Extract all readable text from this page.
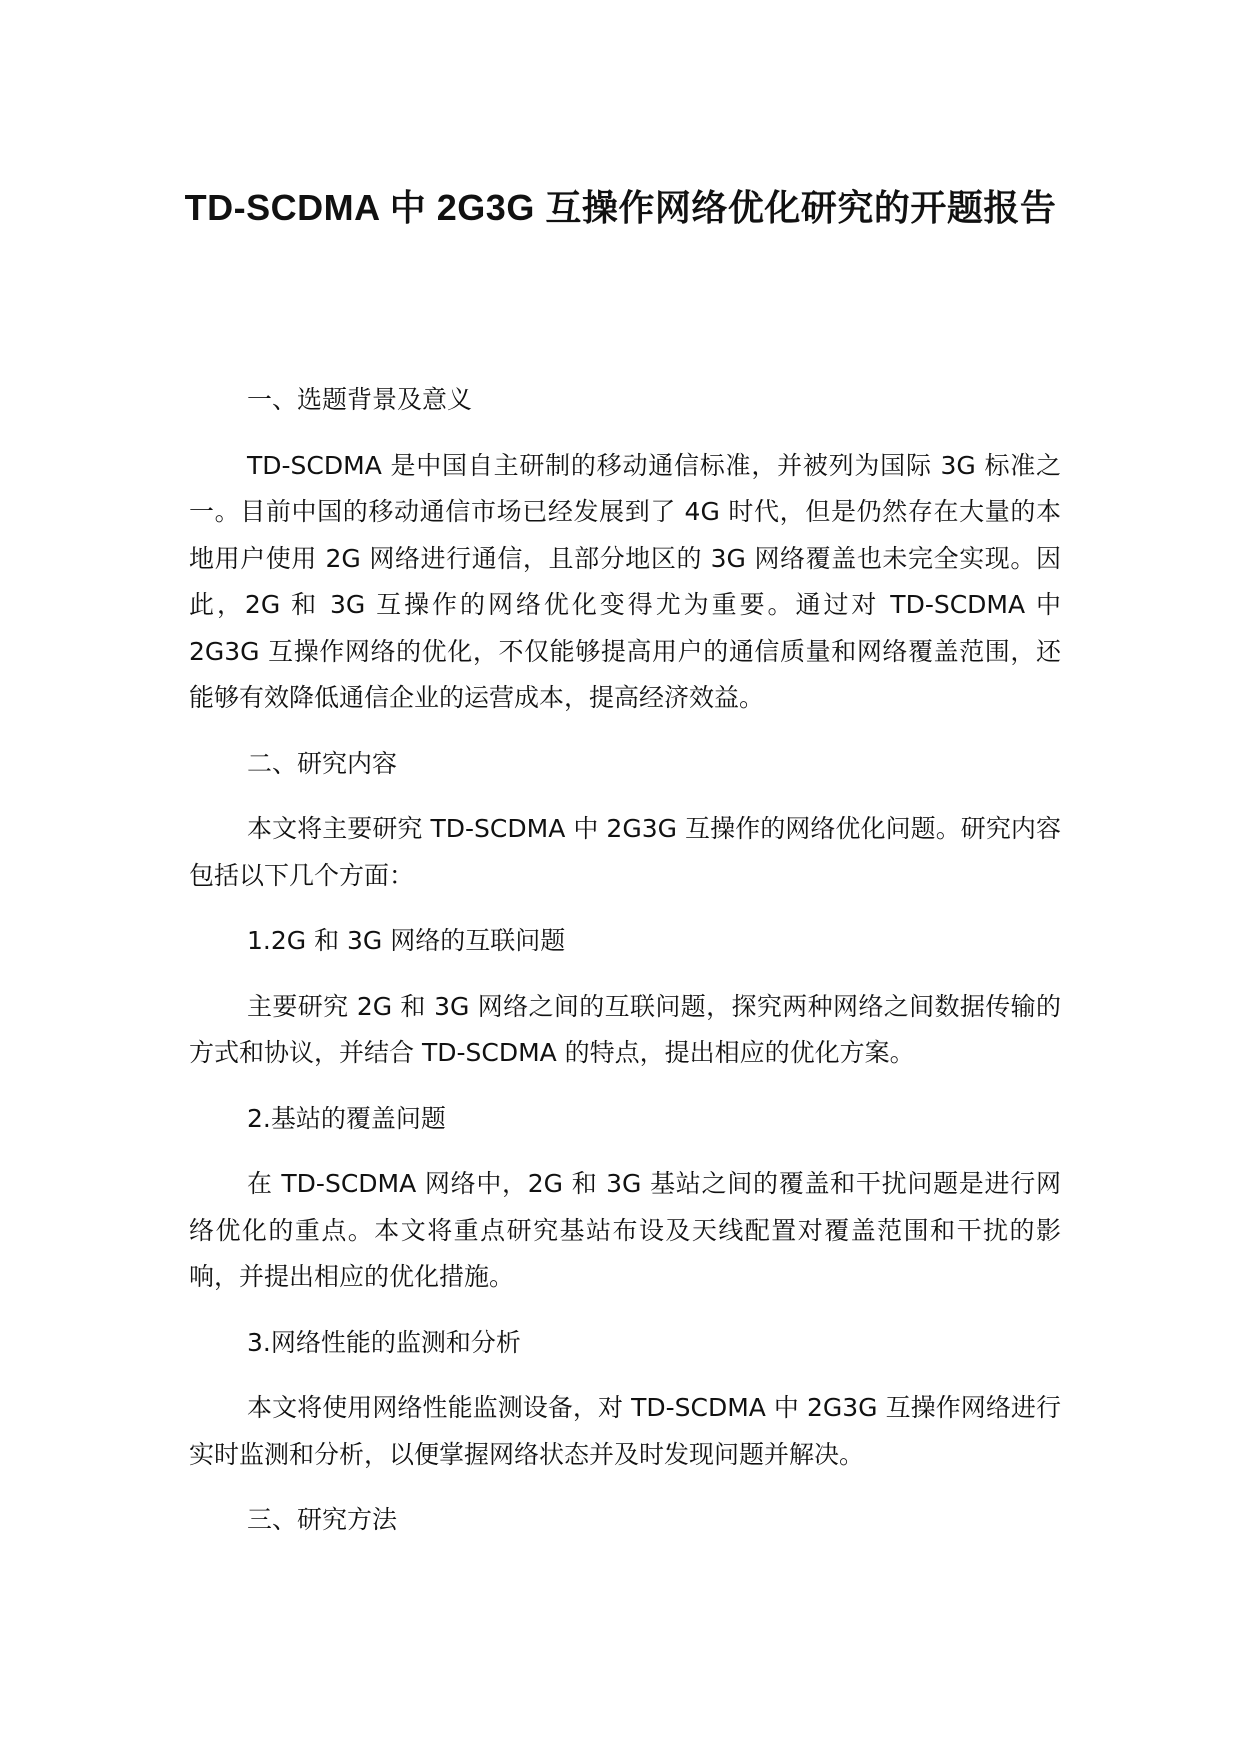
TD-SCDMA 中 2G3G 互操作网络优化研究的开题报告

一、选题背景及意义

TD-SCDMA 是中国自主研制的移动通信标准，并被列为国际 3G 标准之一。目前中国的移动通信市场已经发展到了 4G 时代，但是仍然存在大量的本地用户使用 2G 网络进行通信，且部分地区的 3G 网络覆盖也未完全实现。因此，2G 和 3G 互操作的网络优化变得尤为重要。通过对 TD-SCDMA 中 2G3G 互操作网络的优化，不仅能够提高用户的通信质量和网络覆盖范围，还能够有效降低通信企业的运营成本，提高经济效益。

二、研究内容

本文将主要研究 TD-SCDMA 中 2G3G 互操作的网络优化问题。研究内容包括以下几个方面：

1.2G 和 3G 网络的互联问题

主要研究 2G 和 3G 网络之间的互联问题，探究两种网络之间数据传输的方式和协议，并结合 TD-SCDMA 的特点，提出相应的优化方案。

2.基站的覆盖问题

在 TD-SCDMA 网络中，2G 和 3G 基站之间的覆盖和干扰问题是进行网络优化的重点。本文将重点研究基站布设及天线配置对覆盖范围和干扰的影响，并提出相应的优化措施。

3.网络性能的监测和分析

本文将使用网络性能监测设备，对 TD-SCDMA 中 2G3G 互操作网络进行实时监测和分析，以便掌握网络状态并及时发现问题并解决。

三、研究方法
